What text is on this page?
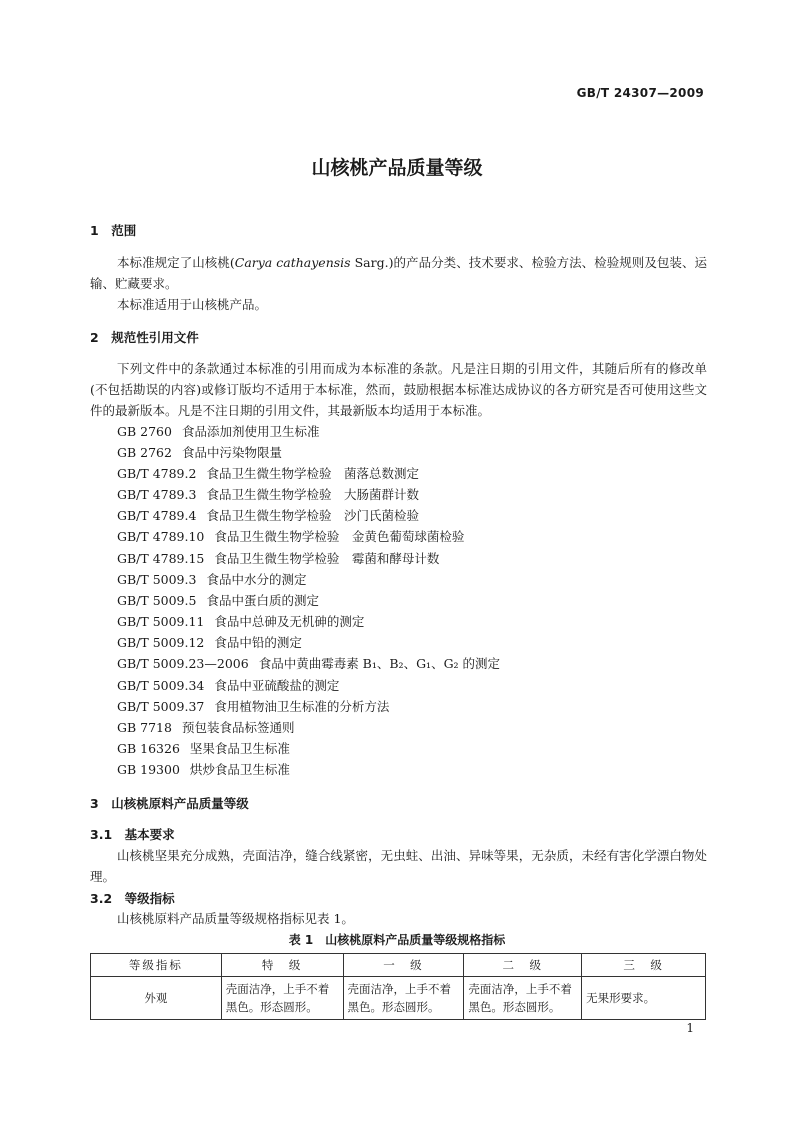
GB/T 24307—2009
山核桃产品质量等级
1　范围
本标准规定了山核桃(Carya cathayensis Sarg.)的产品分类、技术要求、检验方法、检验规则及包装、运输、贮藏要求。
本标准适用于山核桃产品。
2　规范性引用文件
下列文件中的条款通过本标准的引用而成为本标准的条款。凡是注日期的引用文件，其随后所有的修改单(不包括勘误的内容)或修订版均不适用于本标准，然而，鼓励根据本标准达成协议的各方研究是否可使用这些文件的最新版本。凡是不注日期的引用文件，其最新版本均适用于本标准。
GB 2760 食品添加剂使用卫生标准
GB 2762 食品中污染物限量
GB/T 4789.2 食品卫生微生物学检验　菌落总数测定
GB/T 4789.3 食品卫生微生物学检验　大肠菌群计数
GB/T 4789.4 食品卫生微生物学检验　沙门氏菌检验
GB/T 4789.10 食品卫生微生物学检验　金黄色葡萄球菌检验
GB/T 4789.15 食品卫生微生物学检验　霉菌和酵母计数
GB/T 5009.3 食品中水分的测定
GB/T 5009.5 食品中蛋白质的测定
GB/T 5009.11 食品中总砷及无机砷的测定
GB/T 5009.12 食品中铅的测定
GB/T 5009.23—2006 食品中黄曲霉毒素 B₁、B₂、G₁、G₂ 的测定
GB/T 5009.34 食品中亚硫酸盐的测定
GB/T 5009.37 食用植物油卫生标准的分析方法
GB 7718 预包装食品标签通则
GB 16326 坚果食品卫生标准
GB 19300 烘炒食品卫生标准
3　山核桃原料产品质量等级
3.1　基本要求
山核桃坚果充分成熟，壳面洁净，缝合线紧密，无虫蛀、出油、异味等果，无杂质，未经有害化学漂白物处理。
3.2　等级指标
山核桃原料产品质量等级规格指标见表 1。
表 1　山核桃原料产品质量等级规格指标
等级指标	特　级	一　级	二　级	三　级
外观	壳面洁净，上手不着黑色。形态圆形。	壳面洁净，上手不着黑色。形态圆形。	壳面洁净，上手不着黑色。形态圆形。	无果形要求。
1
